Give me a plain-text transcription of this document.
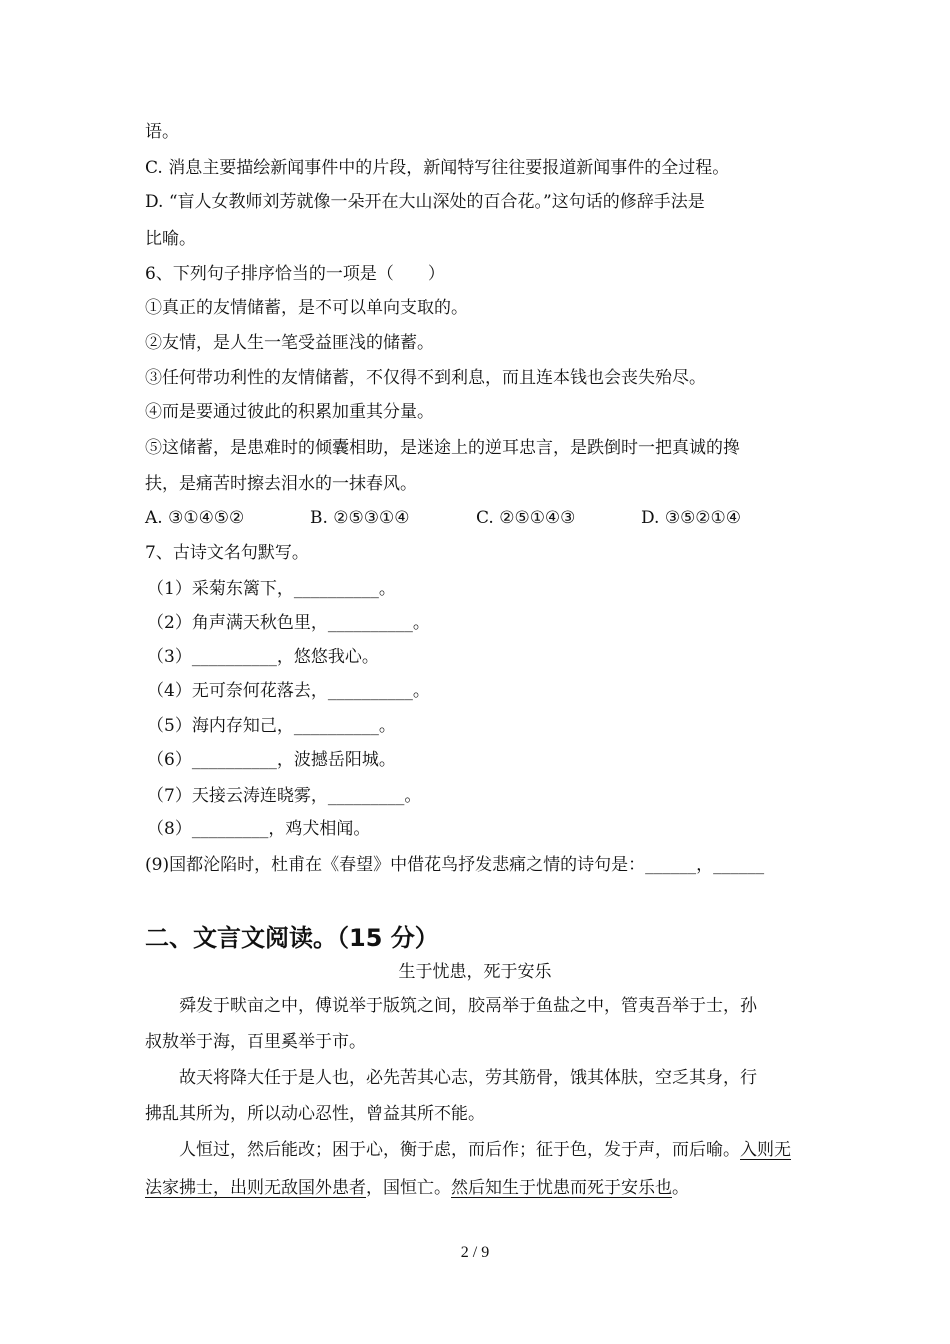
语。
C. 消息主要描绘新闻事件中的片段，新闻特写往往要报道新闻事件的全过程。
D. “盲人女教师刘芳就像一朵开在大山深处的百合花。”这句话的修辞手法是
比喻。
6、下列句子排序恰当的一项是（　　）
①真正的友情储蓄，是不可以单向支取的。
②友情，是人生一笔受益匪浅的储蓄。
③任何带功利性的友情储蓄，不仅得不到利息，而且连本钱也会丧失殆尽。
④而是要通过彼此的积累加重其分量。
⑤这储蓄，是患难时的倾囊相助，是迷途上的逆耳忠言，是跌倒时一把真诚的搀
扶，是痛苦时擦去泪水的一抹春风。
A. ③①④⑤②	B. ②⑤③①④	C. ②⑤①④③	D. ③⑤②①④
7、古诗文名句默写。
（1）采菊东篱下，__________。
（2）角声满天秋色里，__________。
（3）__________，悠悠我心。
（4）无可奈何花落去，__________。
（5）海内存知己，__________。
（6）__________，波撼岳阳城。
（7）天接云涛连晓雾，_________。
（8）_________，鸡犬相闻。
(9)国都沦陷时，杜甫在《春望》中借花鸟抒发悲痛之情的诗句是：______，______
二、文言文阅读。（15 分）
生于忧患，死于安乐
舜发于畎亩之中，傅说举于版筑之间，胶鬲举于鱼盐之中，管夷吾举于士，孙
叔敖举于海，百里奚举于市。
故天将降大任于是人也，必先苦其心志，劳其筋骨，饿其体肤，空乏其身，行
拂乱其所为，所以动心忍性，曾益其所不能。
人恒过，然后能改；困于心，衡于虑，而后作；征于色，发于声，而后喻。入则无
法家拂士，出则无敌国外患者，国恒亡。然后知生于忧患而死于安乐也。
2 / 9
